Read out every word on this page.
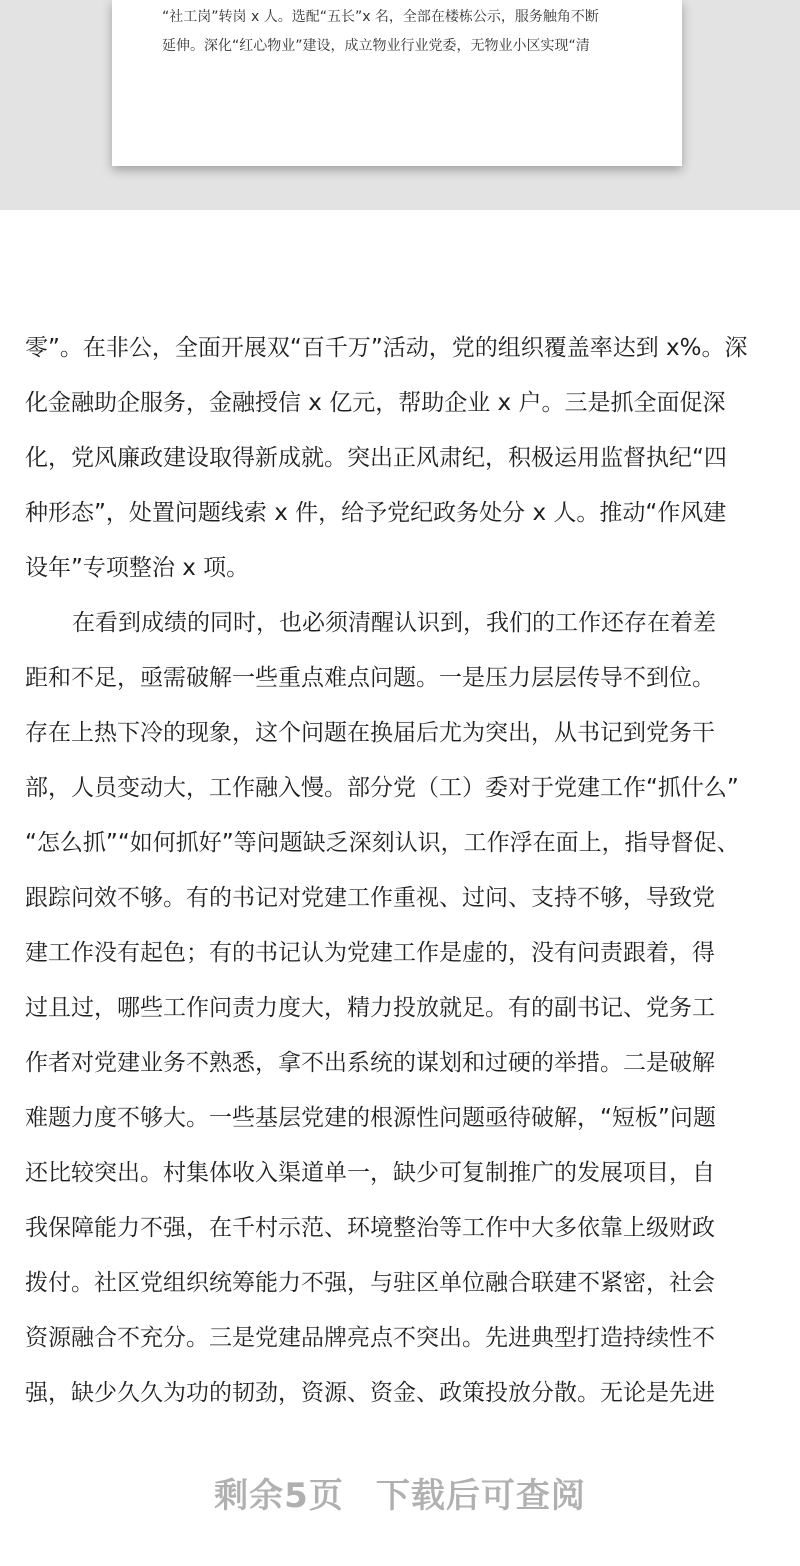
“社工岗”转岗 x 人。选配“五长”x 名，全部在楼栋公示，服务触角不断

延伸。深化“红心物业”建设，成立物业行业党委，无物业小区实现“清

零”。在非公，全面开展双“百千万”活动，党的组织覆盖率达到 x%。深
化金融助企服务，金融授信 x 亿元，帮助企业 x 户。三是抓全面促深
化，党风廉政建设取得新成就。突出正风肃纪，积极运用监督执纪“四
种形态”，处置问题线索 x 件，给予党纪政务处分 x 人。推动“作风建
设年”专项整治 x 项。
在看到成绩的同时，也必须清醒认识到，我们的工作还存在着差
距和不足，亟需破解一些重点难点问题。一是压力层层传导不到位。
存在上热下冷的现象，这个问题在换届后尤为突出，从书记到党务干
部，人员变动大，工作融入慢。部分党（工）委对于党建工作“抓什么”
“怎么抓”“如何抓好”等问题缺乏深刻认识，工作浮在面上，指导督促、
跟踪问效不够。有的书记对党建工作重视、过问、支持不够，导致党
建工作没有起色；有的书记认为党建工作是虚的，没有问责跟着，得
过且过，哪些工作问责力度大，精力投放就足。有的副书记、党务工
作者对党建业务不熟悉，拿不出系统的谋划和过硬的举措。二是破解
难题力度不够大。一些基层党建的根源性问题亟待破解，“短板”问题
还比较突出。村集体收入渠道单一，缺少可复制推广的发展项目，自
我保障能力不强，在千村示范、环境整治等工作中大多依靠上级财政
拨付。社区党组织统筹能力不强，与驻区单位融合联建不紧密，社会
资源融合不充分。三是党建品牌亮点不突出。先进典型打造持续性不
强，缺少久久为功的韧劲，资源、资金、政策投放分散。无论是先进
剩余5页 下载后可查阅
